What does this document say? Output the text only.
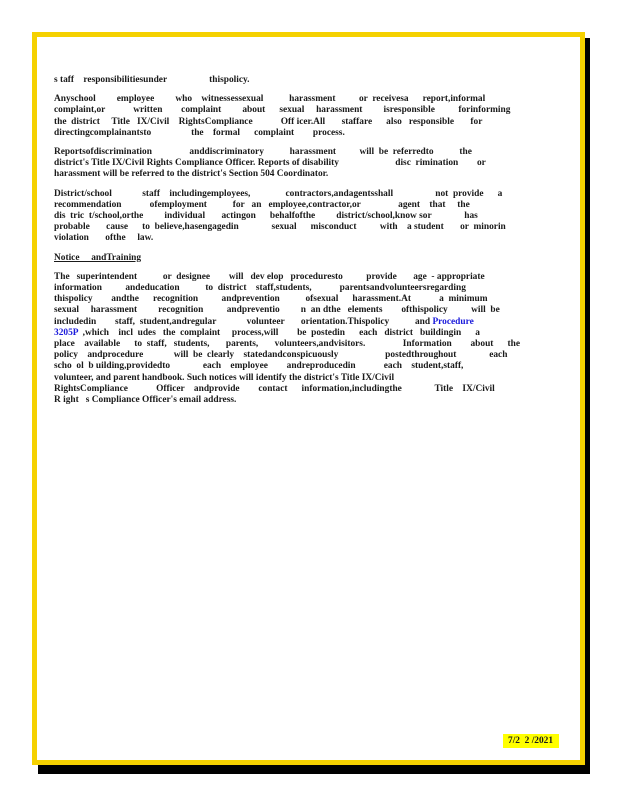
s taff    responsibilitiesunder                  thispolicy.
Anyschool         employee         who    witnessessexual           harassment          or  receivesa      report,informal
complaint,or            written        complaint         about      sexual     harassment         isresponsible          forinforming
the  district     Title   IX/Civil    RightsCompliance            Off icer.All       staffare      also   responsible       for
directingcomplainantsto                 the    formal      complaint        process.
Reportsofdiscrimination                anddiscriminatory           harassment          will  be  referredto           the
district's Title IX/Civil Rights Compliance Officer. Reports of disability                        disc  rimination        or
harassment will be referred to the district's Section 504 Coordinator.
District/school             staff    includingemployees,               contractors,andagentsshall                  not  provide      a
recommendation            ofemployment           for   an   employee,contractor,or                agent    that     the
dis  tric  t/school,orthe         individual       actingon      behalfofthe         district/school,know sor              has
probable       cause      to  believe,hasengagedin              sexual      misconduct          with    a student       or  minorin
violation       ofthe     law.
Notice     andTraining
The   superintendent           or  designee        will   dev elop   proceduresto          provide       age  - appropriate
information          andeducation           to  district    staff,students,            parentsandvolunteersregarding
thispolicy        andthe      recognition          andprevention           ofsexual      harassment.At            a  minimum
sexual     harassment         recognition          andpreventio         n  an dthe   elements        ofthispolicy          will  be
includedin        staff,  student,andregular             volunteer       orientation.Thispolicy           and Procedure
3205P  ,which    incl  udes   the  complaint     process,will        be  postedin      each   district   buildingin      a
place    available      to  staff,   students,       parents,       volunteers,andvisitors.                Information        about      the
policy    andprocedure             will  be  clearly    statedandconspicuously                    postedthroughout              each
scho  ol  b uilding,providedto              each    employee        andreproducedin            each    student,staff,
volunteer, and parent handbook. Such notices will identify the district's Title IX/Civil
RightsCompliance            Officer    andprovide        contact      information,includingthe              Title    IX/Civil
R ight   s Compliance Officer's email address.
7/2  2 /2021
